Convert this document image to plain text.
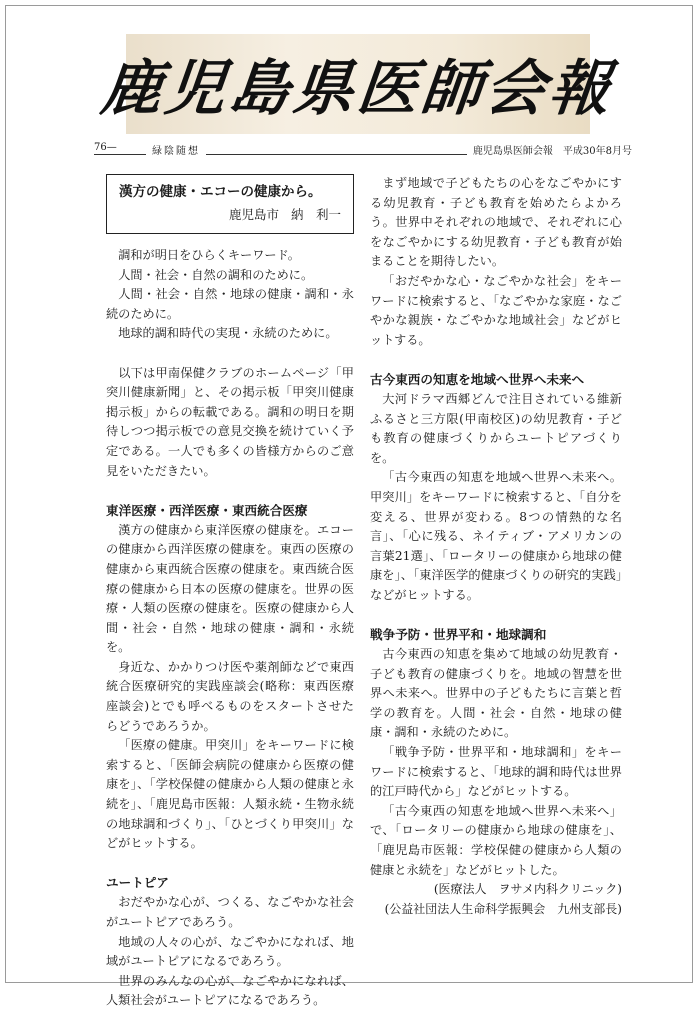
鹿児島県医師会報
76—	緑陰随想	鹿児島県医師会報　平成30年8月号
漢方の健康・エコーの健康から。
鹿児島市 納　利一

調和が明日をひらくキーワード。

人間・社会・自然の調和のために。

人間・社会・自然・地球の健康・調和・永続のために。

地球的調和時代の実現・永続のために。

以下は甲南保健クラブのホームページ「甲突川健康新聞」と、その掲示板「甲突川健康掲示板」からの転載である。調和の明日を期待しつつ掲示板での意見交換を続けていく予定である。一人でも多くの皆様方からのご意見をいただきたい。

東洋医療・西洋医療・東西統合医療

漢方の健康から東洋医療の健康を。エコーの健康から西洋医療の健康を。東西の医療の健康から東西統合医療の健康を。東西統合医療の健康から日本の医療の健康を。世界の医療・人類の医療の健康を。医療の健康から人間・社会・自然・地球の健康・調和・永続を。

身近な、かかりつけ医や薬剤師などで東西統合医療研究的実践座談会(略称：東西医療座談会)とでも呼べるものをスタートさせたらどうであろうか。

「医療の健康。甲突川」をキーワードに検索すると、「医師会病院の健康から医療の健康を」、「学校保健の健康から人類の健康と永続を」、「鹿児島市医報：人類永続・生物永続の地球調和づくり」、「ひとづくり甲突川」などがヒットする。

ユートピア

おだやかな心が、つくる、なごやかな社会がユートピアであろう。

地域の人々の心が、なごやかになれば、地域がユートピアになるであろう。

世界のみんなの心が、なごやかになれば、人類社会がユートピアになるであろう。

まず地域で子どもたちの心をなごやかにする幼児教育・子ども教育を始めたらよかろう。世界中それぞれの地域で、それぞれに心をなごやかにする幼児教育・子ども教育が始まることを期待したい。

「おだやかな心・なごやかな社会」をキーワードに検索すると、「なごやかな家庭・なごやかな親族・なごやかな地域社会」などがヒットする。

古今東西の知恵を地域へ世界へ未来へ

大河ドラマ西郷どんで注目されている維新ふるさと三方限(甲南校区)の幼児教育・子ども教育の健康づくりからユートピアづくりを。

「古今東西の知恵を地域へ世界へ未来へ。甲突川」をキーワードに検索すると、「自分を変える、世界が変わる。8つの情熱的な名言」、「心に残る、ネイティブ・アメリカンの言葉21選」、「ロータリーの健康から地球の健康を」、「東洋医学的健康づくりの研究的実践」などがヒットする。

戦争予防・世界平和・地球調和

古今東西の知恵を集めて地域の幼児教育・子ども教育の健康づくりを。地域の智慧を世界へ未来へ。世界中の子どもたちに言葉と哲学の教育を。人間・社会・自然・地球の健康・調和・永続のために。

「戦争予防・世界平和・地球調和」をキーワードに検索すると、「地球的調和時代は世界的江戸時代から」などがヒットする。

「古今東西の知恵を地域へ世界へ未来へ」で、「ロータリーの健康から地球の健康を」、「鹿児島市医報：学校保健の健康から人類の健康と永続を」などがヒットした。

(医療法人　ヲサメ内科クリニック)
(公益社団法人生命科学振興会　九州支部長)
